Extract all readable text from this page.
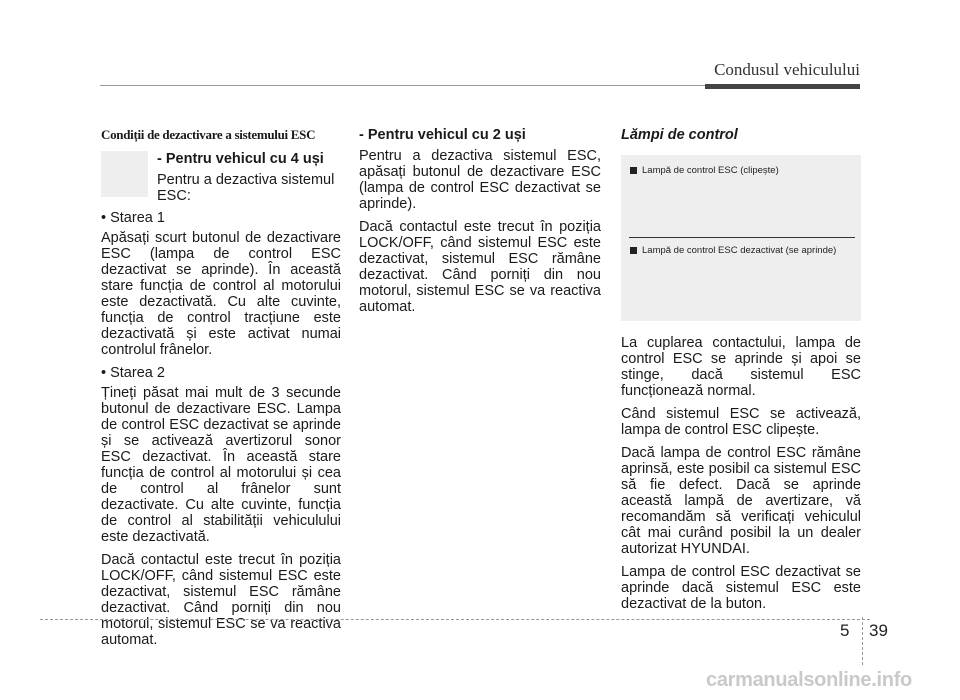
Condusul vehiculului
Condiții de dezactivare a sistemului ESC

- Pentru vehicul cu 4 uși

Pentru a dezactiva sistemul ESC:

• Starea 1

Apăsați scurt butonul de dezactivare ESC (lampa de control ESC dezactivat se aprinde). În această stare funcția de control al motorului este dezactivată. Cu alte cuvinte, funcția de control tracțiune este dezactivată și este activat numai controlul frânelor.

• Starea 2

Țineți păsat mai mult de 3 secunde butonul de dezactivare ESC. Lampa de control ESC dezactivat se aprinde și se activează avertizorul sonor ESC dezactivat. În această stare funcția de control al motorului și cea de control al frânelor sunt dezactivate. Cu alte cuvinte, funcția de control al stabilității vehiculului este dezactivată.

Dacă contactul este trecut în poziția LOCK/OFF, când sistemul ESC este dezactivat, sistemul ESC rămâne dezactivat. Când porniți din nou motorul, sistemul ESC se va reactiva automat.

- Pentru vehicul cu 2 uși

Pentru a dezactiva sistemul ESC, apăsați butonul de dezactivare ESC (lampa de control ESC dezactivat se aprinde).

Dacă contactul este trecut în poziția LOCK/OFF, când sistemul ESC este dezactivat, sistemul ESC rămâne dezactivat. Când porniți din nou motorul, sistemul ESC se va reactiva automat.

Lămpi de control
Lampă de control ESC (clipește)
Lampă de control ESC dezactivat (se aprinde)

La cuplarea contactului, lampa de control ESC se aprinde și apoi se stinge, dacă sistemul ESC funcționează normal.

Când sistemul ESC se activează, lampa de control ESC clipește.

Dacă lampa de control ESC rămâne aprinsă, este posibil ca sistemul ESC să fie defect. Dacă se aprinde această lampă de avertizare, vă recomandăm să verificați vehiculul cât mai curând posibil la un dealer autorizat HYUNDAI.

Lampa de control ESC dezactivat se aprinde dacă sistemul ESC este dezactivat de la buton.

5 39
carmanualsonline.info
